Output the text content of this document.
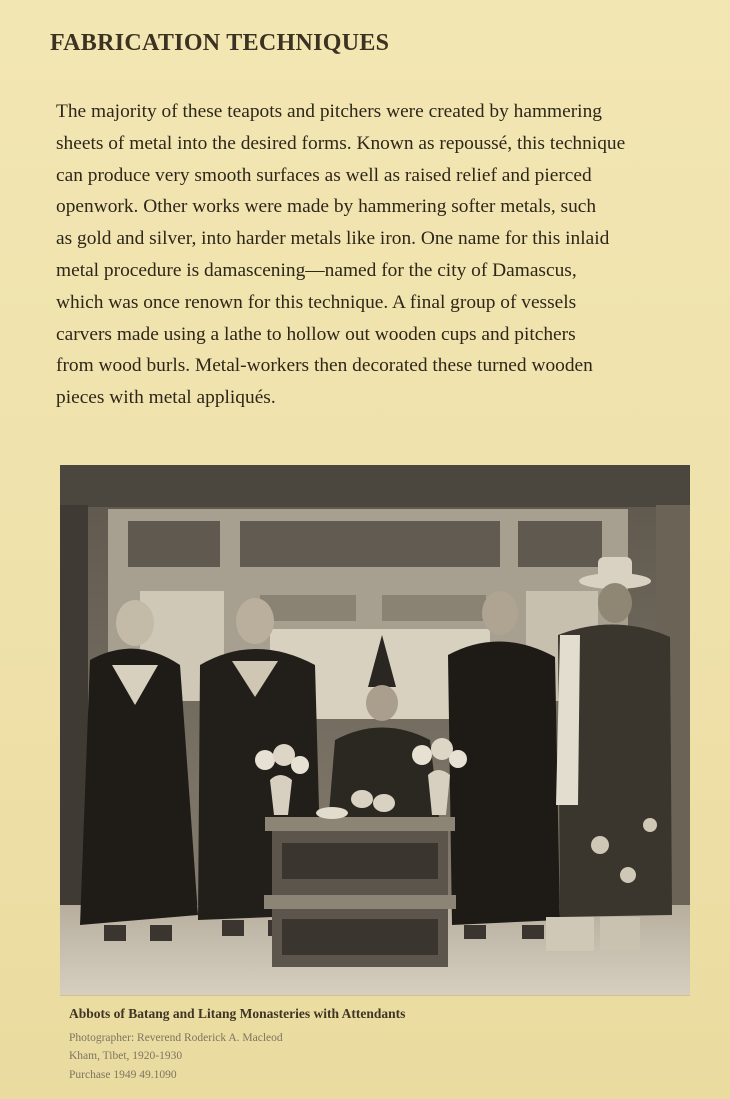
FABRICATION TECHNIQUES
The majority of these teapots and pitchers were created by hammering
sheets of metal into the desired forms. Known as repoussé, this technique
can produce very smooth surfaces as well as raised relief and pierced
openwork. Other works were made by hammering softer metals, such
as gold and silver, into harder metals like iron. One name for this inlaid
metal procedure is damascening—named for the city of Damascus,
which was once renown for this technique. A final group of vessels
carvers made using a lathe to hollow out wooden cups and pitchers
from wood burls. Metal-workers then decorated these turned wooden
pieces with metal appliqués.
Abbots of Batang and Litang Monasteries with Attendants
Photographer: Reverend Roderick A. Macleod
Kham, Tibet, 1920-1930
Purchase 1949 49.1090
